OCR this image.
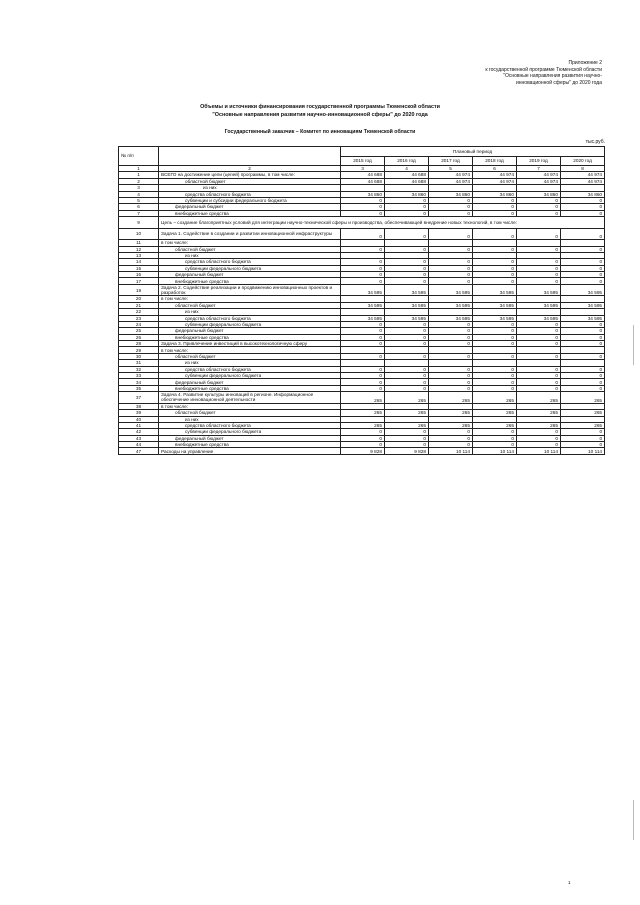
Приложение 2
к государственной программе Тюменской области
"Основные направления развития научно-
инновационной сферы" до 2020 года
Объемы и источники финансирования государственной программы Тюменской области
"Основные направления развития научно-инновационной сферы" до 2020 года
Государственный заказчик – Комитет по инновациям Тюменской области
тыс.руб.
№ п/п		Плановый период					
		2015 год	2016 год	2017 год	2018 год	2019 год	2020 год
1	2	3	4	5	6	7	8
1	ВСЕГО на достижение цели (целей) программы, в том числе:	44 688	44 688	44 974	44 974	44 974	44 974
2	областной бюджет	44 688	44 688	44 974	44 974	44 974	44 974
3	из них						
4	средства областного бюджета	34 860	34 860	34 860	34 860	34 860	34 860
5	субвенции и субсидии федерального бюджета	0	0	0	0	0	0
6	федеральный бюджет	0	0	0	0	0	0
7	внебюджетные средства	0	0	0	0	0	0
9	Цель – создание благоприятных условий для интеграции научно-технической сферы и производства, обеспечивающей внедрение новых технологий, в том числе:						
10	Задача 1. Содействие в создании и развитии инновационной инфраструктуры	0	0	0	0	0	0
11	в том числе:						
12	областной бюджет	0	0	0	0	0	0
13	из них						
14	средства областного бюджета	0	0	0	0	0	0
15	субвенции федерального бюджета	0	0	0	0	0	0
16	федеральный бюджет	0	0	0	0	0	0
17	внебюджетные средства	0	0	0	0	0	0
19	Задача 2. Содействие реализации и продвижению инновационных проектов и разработок	34 595	34 595	34 595	34 595	34 595	34 595
20	в том числе:						
21	областной бюджет	34 595	34 595	34 595	34 595	34 595	34 595
22	из них						
23	средства областного бюджета	34 595	34 595	34 595	34 595	34 595	34 595
24	субвенции федерального бюджета	0	0	0	0	0	0
25	федеральный бюджет	0	0	0	0	0	0
26	внебюджетные средства	0	0	0	0	0	0
28	Задача 3. Привлечение инвестиций в высокотехнологичную сферу	0	0	0	0	0	0
29	в том числе:						
30	областной бюджет	0	0	0	0	0	0
31	из них						
32	средства областного бюджета	0	0	0	0	0	0
33	субвенции федерального бюджета	0	0	0	0	0	0
34	федеральный бюджет	0	0	0	0	0	0
35	внебюджетные средства	0	0	0	0	0	0
37	Задача 4. Развитие культуры инноваций в регионе. Информационное обеспечение инновационной деятельности	265	265	265	265	265	265
38	в том числе:						
39	областной бюджет	265	265	265	265	265	265
40	из них						
41	средства областного бюджета	265	265	265	265	265	265
42	субвенции федерального бюджета	0	0	0	0	0	0
43	федеральный бюджет	0	0	0	0	0	0
44	внебюджетные средства	0	0	0	0	0	0
47	Расходы на управление	9 828	9 828	10 114	10 114	10 114	10 114
1
